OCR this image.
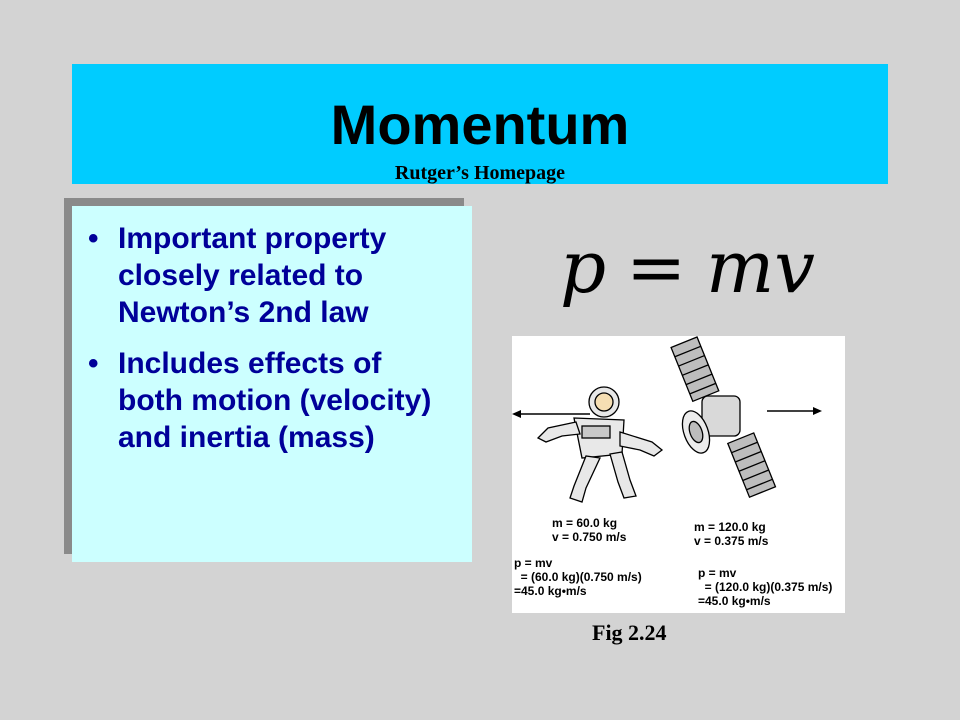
Momentum
Rutger’s Homepage
• Important property closely related to Newton’s 2nd law
• Includes effects of both motion (velocity) and inertia (mass)
p = mv
m = 60.0 kg
v = 0.750 m/s
m = 120.0 kg
v = 0.375 m/s
p = mv
= (60.0 kg)(0.750 m/s)
=45.0 kg•m/s
p = mv
= (120.0 kg)(0.375 m/s)
=45.0 kg•m/s
Fig 2.24
